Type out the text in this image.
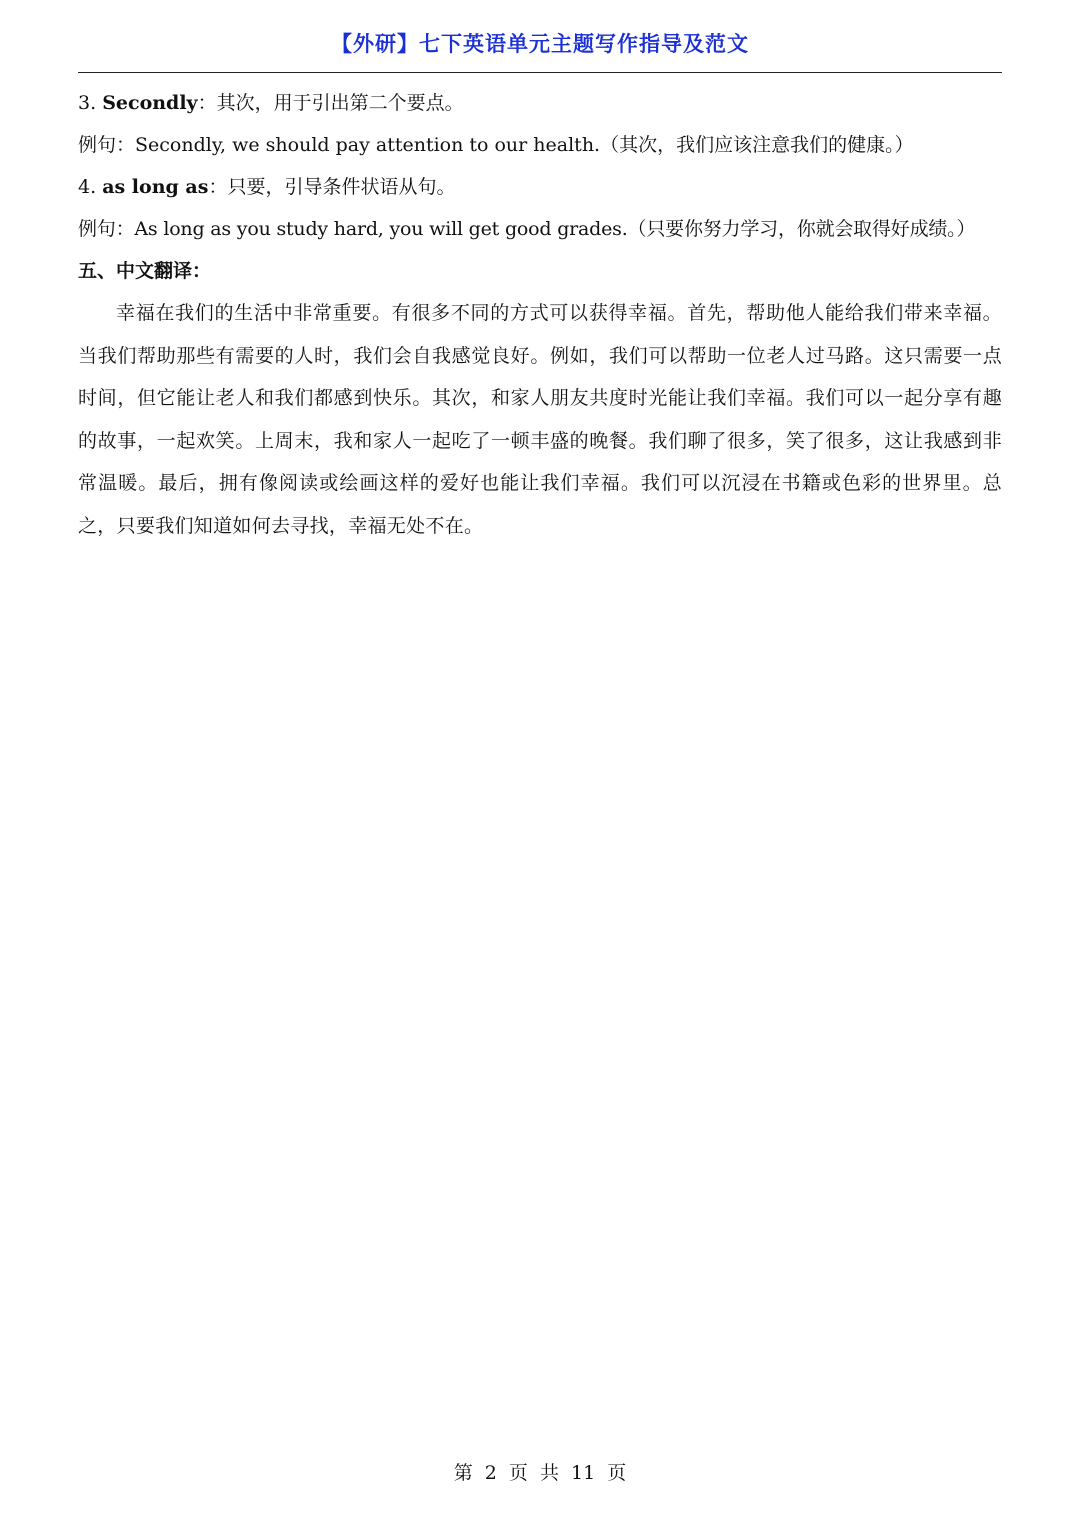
【外研】七下英语单元主题写作指导及范文
3. Secondly：其次，用于引出第二个要点。
例句：Secondly, we should pay attention to our health.（其次，我们应该注意我们的健康。）
4. as long as：只要，引导条件状语从句。
例句：As long as you study hard, you will get good grades.（只要你努力学习，你就会取得好成绩。）
五、中文翻译：
幸福在我们的生活中非常重要。有很多不同的方式可以获得幸福。首先，帮助他人能给我们带来幸福。当我们帮助那些有需要的人时，我们会自我感觉良好。例如，我们可以帮助一位老人过马路。这只需要一点时间，但它能让老人和我们都感到快乐。其次，和家人朋友共度时光能让我们幸福。我们可以一起分享有趣的故事，一起欢笑。上周末，我和家人一起吃了一顿丰盛的晚餐。我们聊了很多，笑了很多，这让我感到非常温暖。最后，拥有像阅读或绘画这样的爱好也能让我们幸福。我们可以沉浸在书籍或色彩的世界里。总之，只要我们知道如何去寻找，幸福无处不在。
第 2 页 共 11 页
